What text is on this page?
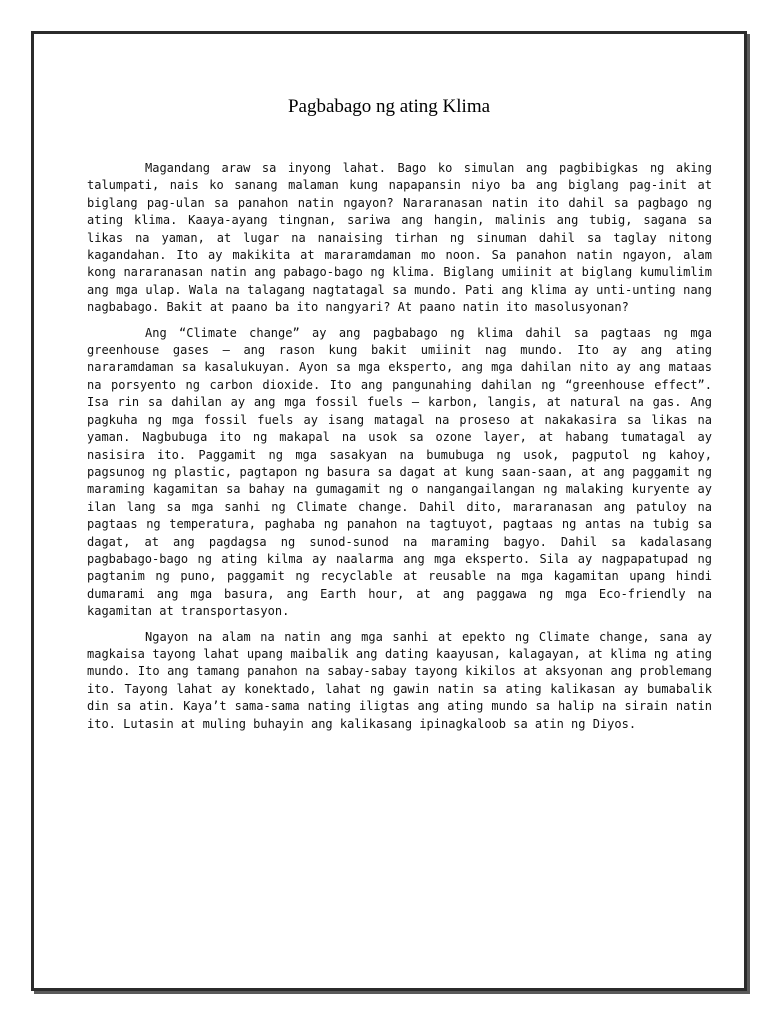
Pagbabago ng ating Klima

Magandang araw sa inyong lahat. Bago ko simulan ang pagbibigkas ng aking talumpati, nais ko sanang malaman kung napapansin niyo ba ang biglang pag-init at biglang pag-ulan sa panahon natin ngayon? Nararanasan natin ito dahil sa pagbago ng ating klima. Kaaya-ayang tingnan, sariwa ang hangin, malinis ang tubig, sagana sa likas na yaman, at lugar na nanaising tirhan ng sinuman dahil sa taglay nitong kagandahan. Ito ay makikita at mararamdaman mo noon. Sa panahon natin ngayon, alam kong nararanasan natin ang pabago-bago ng klima. Biglang umiinit at biglang kumulimlim ang mga ulap. Wala na talagang nagtatagal sa mundo. Pati ang klima ay unti-unting nang nagbabago. Bakit at paano ba ito nangyari? At paano natin ito masolusyonan?

Ang “Climate change” ay ang pagbabago ng klima dahil sa pagtaas ng mga greenhouse gases – ang rason kung bakit umiinit nag mundo. Ito ay ang ating nararamdaman sa kasalukuyan. Ayon sa mga eksperto, ang mga dahilan nito ay ang mataas na porsyento ng carbon dioxide. Ito ang pangunahing dahilan ng “greenhouse effect”. Isa rin sa dahilan ay ang mga fossil fuels – karbon, langis, at natural na gas. Ang pagkuha ng mga fossil fuels ay isang matagal na proseso at nakakasira sa likas na yaman. Nagbubuga ito ng makapal na usok sa ozone layer, at habang tumatagal ay nasisira ito. Paggamit ng mga sasakyan na bumubuga ng usok, pagputol ng kahoy, pagsunog ng plastic, pagtapon ng basura sa dagat at kung saan-saan, at ang paggamit ng maraming kagamitan sa bahay na gumagamit ng o nangangailangan ng malaking kuryente ay ilan lang sa mga sanhi ng Climate change. Dahil dito, mararanasan ang patuloy na pagtaas ng temperatura, paghaba ng panahon na tagtuyot, pagtaas ng antas na tubig sa dagat, at ang pagdagsa ng sunod-sunod na maraming bagyo. Dahil sa kadalasang pagbabago-bago ng ating kilma ay naalarma ang mga eksperto. Sila ay nagpapatupad ng pagtanim ng puno, paggamit ng recyclable at reusable na mga kagamitan upang hindi dumarami ang mga basura, ang Earth hour, at ang paggawa ng mga Eco-friendly na kagamitan at transportasyon.

Ngayon na alam na natin ang mga sanhi at epekto ng Climate change, sana ay magkaisa tayong lahat upang maibalik ang dating kaayusan, kalagayan, at klima ng ating mundo. Ito ang tamang panahon na sabay-sabay tayong kikilos at aksyonan ang problemang ito. Tayong lahat ay konektado, lahat ng gawin natin sa ating kalikasan ay bumabalik din sa atin. Kaya’t sama-sama nating iligtas ang ating mundo sa halip na sirain natin ito. Lutasin at muling buhayin ang kalikasang ipinagkaloob sa atin ng Diyos.
